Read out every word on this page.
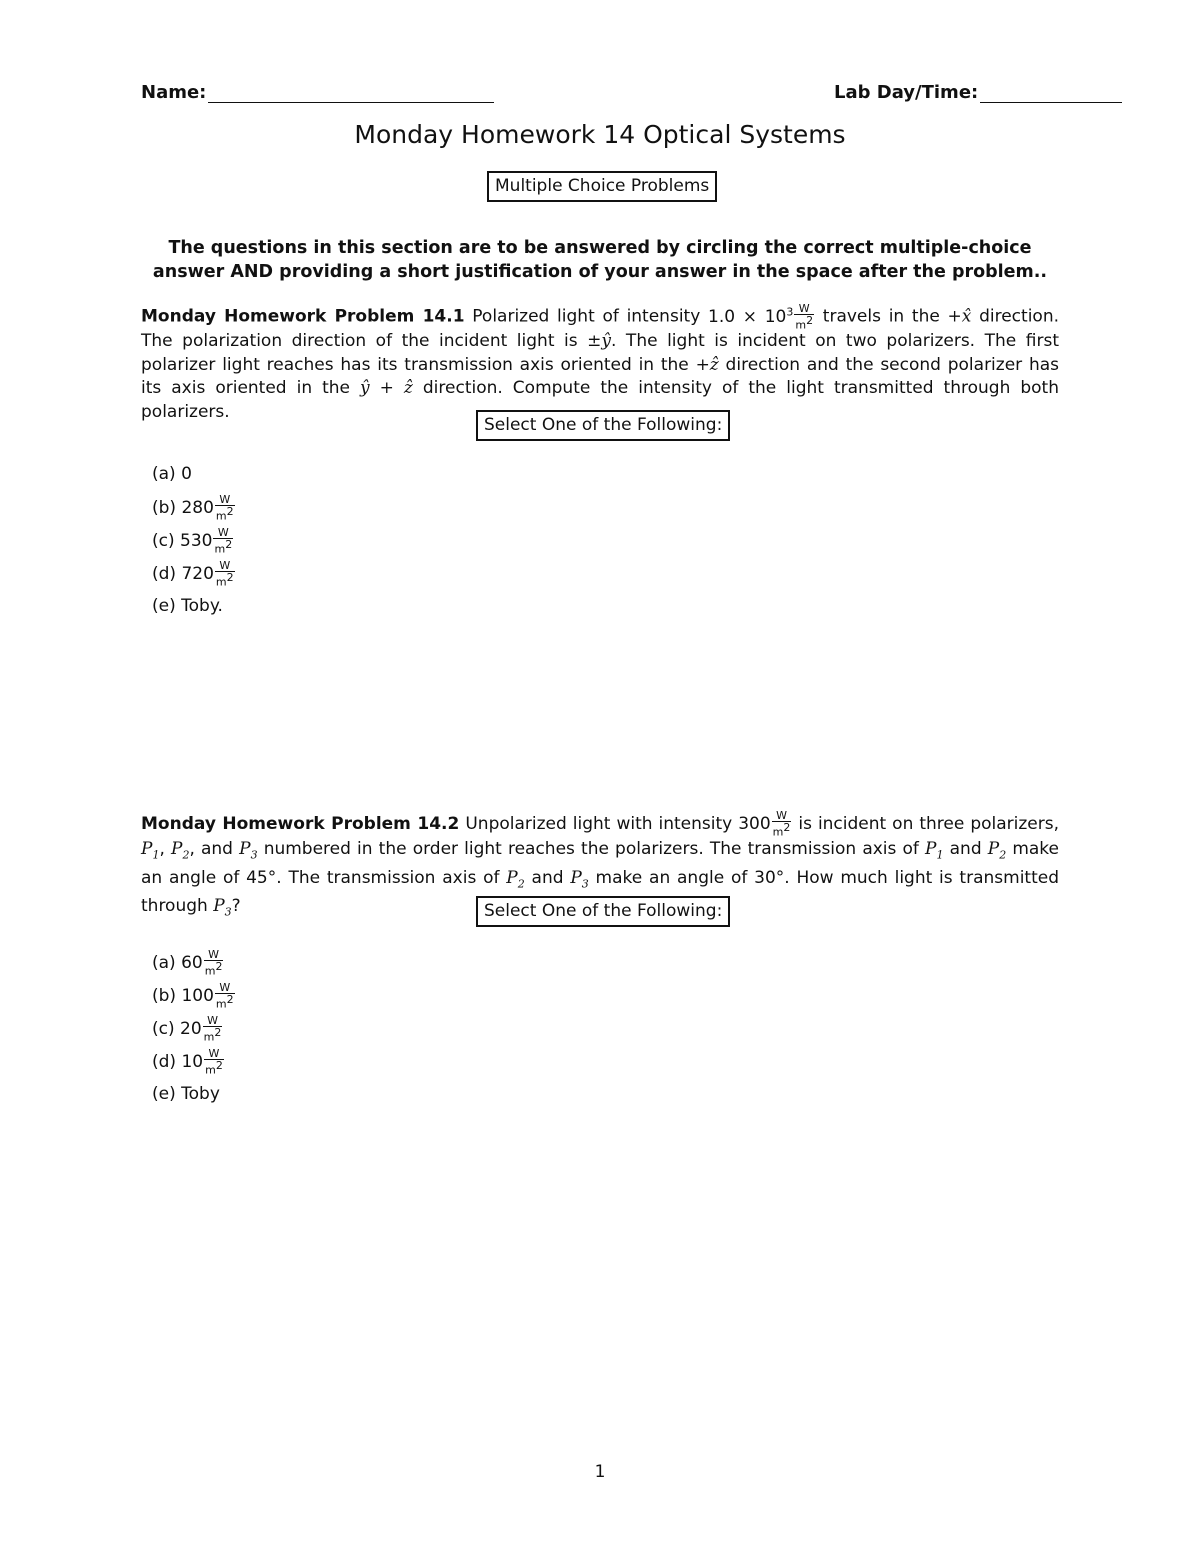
Name:	Lab Day/Time:
Monday Homework 14 Optical Systems
Multiple Choice Problems
The questions in this section are to be answered by circling the correct multiple-choice answer AND providing a short justification of your answer in the space after the problem..
Monday Homework Problem 14.1 Polarized light of intensity $1.0 \times 10^3 \frac{W}{m^2}$ travels in the +x̂ direction. The polarization direction of the incident light is ±ŷ. The light is incident on two polarizers. The first polarizer light reaches has its transmission axis oriented in the +ẑ direction and the second polarizer has its axis oriented in the ŷ + ẑ direction. Compute the intensity of the light transmitted through both polarizers.
Select One of the Following:
(a) 0
(b) $280 \frac{W}{m^2}$
(c) $530 \frac{W}{m^2}$
(d) $720 \frac{W}{m^2}$
(e) Toby.
Monday Homework Problem 14.2 Unpolarized light with intensity $300 \frac{W}{m^2}$ is incident on three polarizers, $P_1$, $P_2$, and $P_3$ numbered in the order light reaches the polarizers. The transmission axis of $P_1$ and $P_2$ make an angle of 45°. The transmission axis of $P_2$ and $P_3$ make an angle of 30°. How much light is transmitted through $P_3$?	Select One of the Following:
(a) $60 \frac{W}{m^2}$
(b) $100 \frac{W}{m^2}$
(c) $20 \frac{W}{m^2}$
(d) $10 \frac{W}{m^2}$
(e) Toby
1
